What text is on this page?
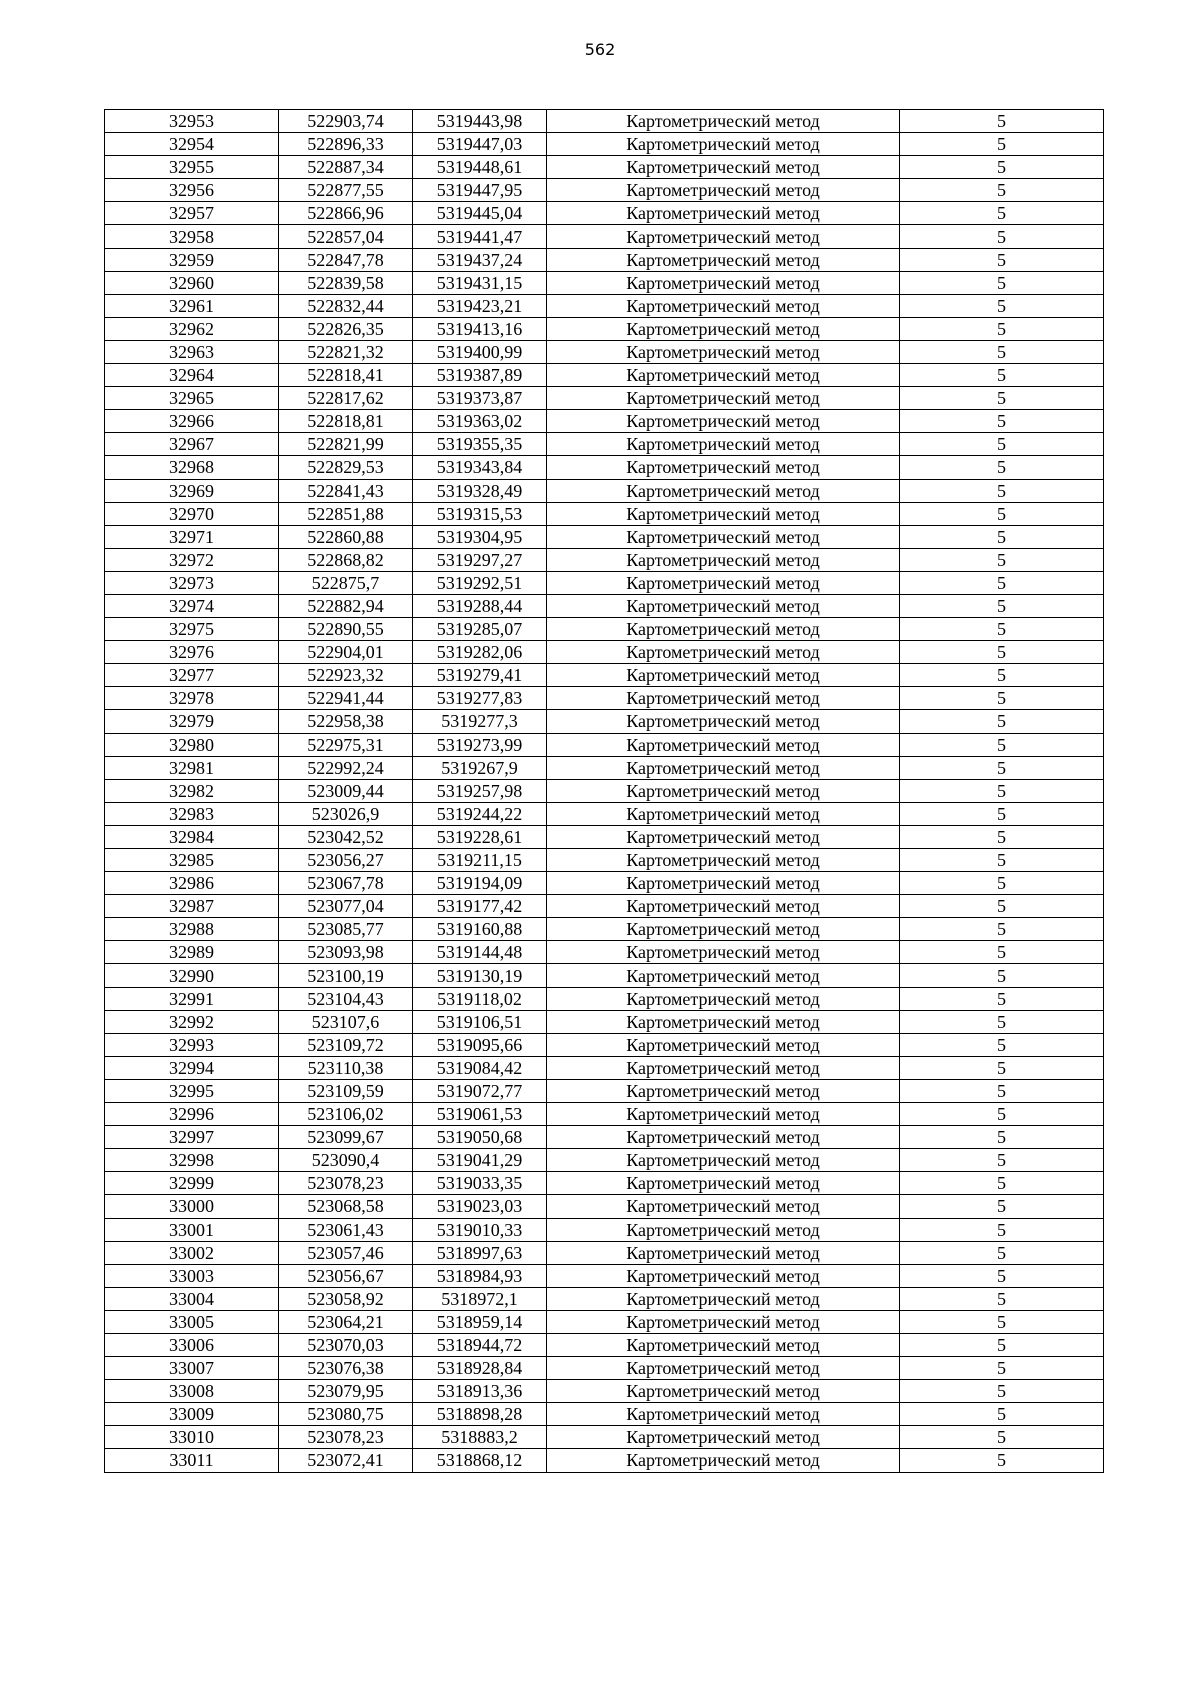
562
32953	522903,74	5319443,98	Картометрический метод	5
32954	522896,33	5319447,03	Картометрический метод	5
32955	522887,34	5319448,61	Картометрический метод	5
32956	522877,55	5319447,95	Картометрический метод	5
32957	522866,96	5319445,04	Картометрический метод	5
32958	522857,04	5319441,47	Картометрический метод	5
32959	522847,78	5319437,24	Картометрический метод	5
32960	522839,58	5319431,15	Картометрический метод	5
32961	522832,44	5319423,21	Картометрический метод	5
32962	522826,35	5319413,16	Картометрический метод	5
32963	522821,32	5319400,99	Картометрический метод	5
32964	522818,41	5319387,89	Картометрический метод	5
32965	522817,62	5319373,87	Картометрический метод	5
32966	522818,81	5319363,02	Картометрический метод	5
32967	522821,99	5319355,35	Картометрический метод	5
32968	522829,53	5319343,84	Картометрический метод	5
32969	522841,43	5319328,49	Картометрический метод	5
32970	522851,88	5319315,53	Картометрический метод	5
32971	522860,88	5319304,95	Картометрический метод	5
32972	522868,82	5319297,27	Картометрический метод	5
32973	522875,7	5319292,51	Картометрический метод	5
32974	522882,94	5319288,44	Картометрический метод	5
32975	522890,55	5319285,07	Картометрический метод	5
32976	522904,01	5319282,06	Картометрический метод	5
32977	522923,32	5319279,41	Картометрический метод	5
32978	522941,44	5319277,83	Картометрический метод	5
32979	522958,38	5319277,3	Картометрический метод	5
32980	522975,31	5319273,99	Картометрический метод	5
32981	522992,24	5319267,9	Картометрический метод	5
32982	523009,44	5319257,98	Картометрический метод	5
32983	523026,9	5319244,22	Картометрический метод	5
32984	523042,52	5319228,61	Картометрический метод	5
32985	523056,27	5319211,15	Картометрический метод	5
32986	523067,78	5319194,09	Картометрический метод	5
32987	523077,04	5319177,42	Картометрический метод	5
32988	523085,77	5319160,88	Картометрический метод	5
32989	523093,98	5319144,48	Картометрический метод	5
32990	523100,19	5319130,19	Картометрический метод	5
32991	523104,43	5319118,02	Картометрический метод	5
32992	523107,6	5319106,51	Картометрический метод	5
32993	523109,72	5319095,66	Картометрический метод	5
32994	523110,38	5319084,42	Картометрический метод	5
32995	523109,59	5319072,77	Картометрический метод	5
32996	523106,02	5319061,53	Картометрический метод	5
32997	523099,67	5319050,68	Картометрический метод	5
32998	523090,4	5319041,29	Картометрический метод	5
32999	523078,23	5319033,35	Картометрический метод	5
33000	523068,58	5319023,03	Картометрический метод	5
33001	523061,43	5319010,33	Картометрический метод	5
33002	523057,46	5318997,63	Картометрический метод	5
33003	523056,67	5318984,93	Картометрический метод	5
33004	523058,92	5318972,1	Картометрический метод	5
33005	523064,21	5318959,14	Картометрический метод	5
33006	523070,03	5318944,72	Картометрический метод	5
33007	523076,38	5318928,84	Картометрический метод	5
33008	523079,95	5318913,36	Картометрический метод	5
33009	523080,75	5318898,28	Картометрический метод	5
33010	523078,23	5318883,2	Картометрический метод	5
33011	523072,41	5318868,12	Картометрический метод	5
